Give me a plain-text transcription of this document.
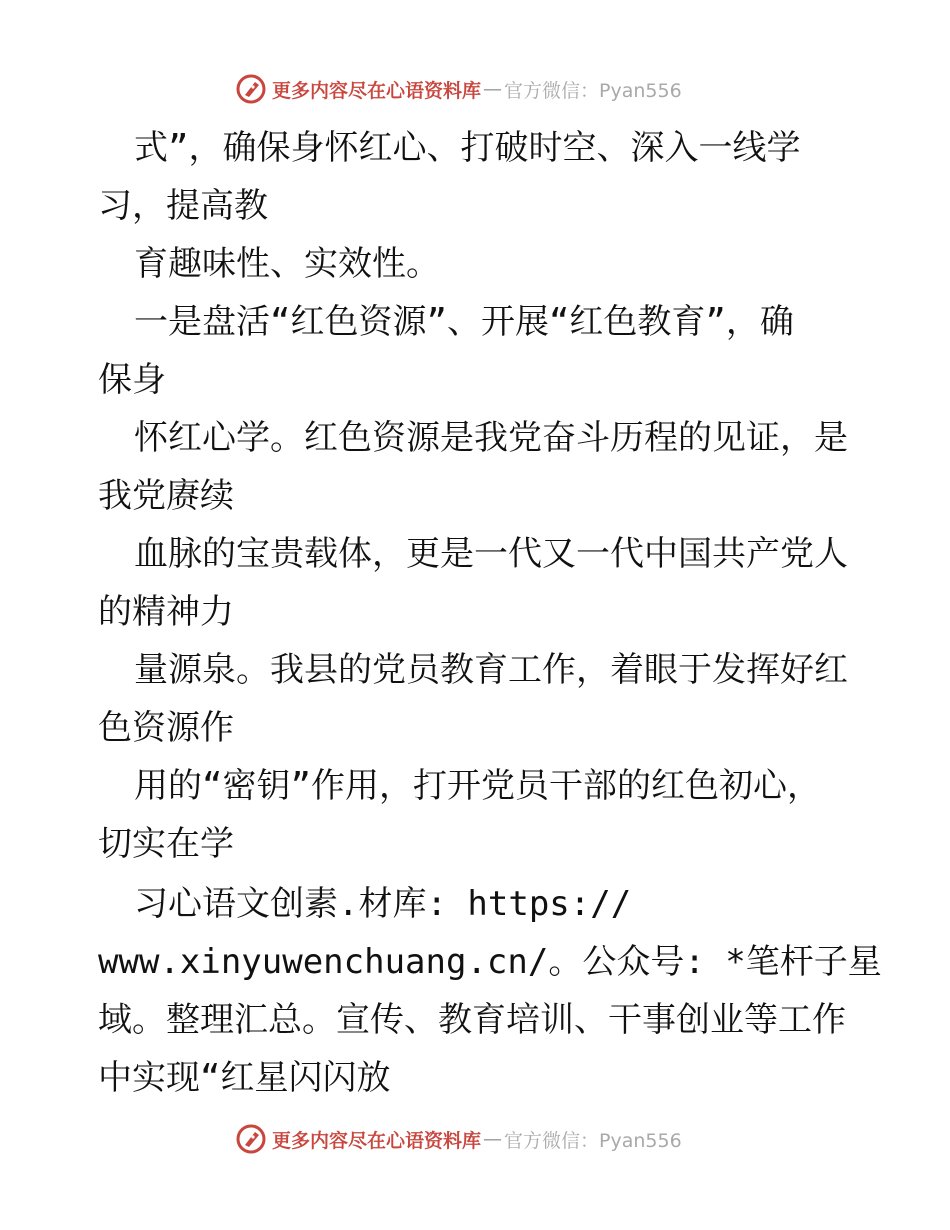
更多内容尽在心语资料库 — 官方微信：Pyan556
式”，确保身怀红心、打破时空、深入一线学
习，提高教
育趣味性、实效性。
一是盘活“红色资源”、开展“红色教育”，确
保身
怀红心学。红色资源是我党奋斗历程的见证，是
我党赓续
血脉的宝贵载体，更是一代又一代中国共产党人
的精神力
量源泉。我县的党员教育工作，着眼于发挥好红
色资源作
用的“密钥”作用，打开党员干部的红色初心，
切实在学
习心语文创素.材库: https://
www.xinyuwenchuang.cn/。公众号: *笔杆子星
域。整理汇总。宣传、教育培训、干事创业等工作
中实现“红星闪闪放
更多内容尽在心语资料库 — 官方微信：Pyan556
